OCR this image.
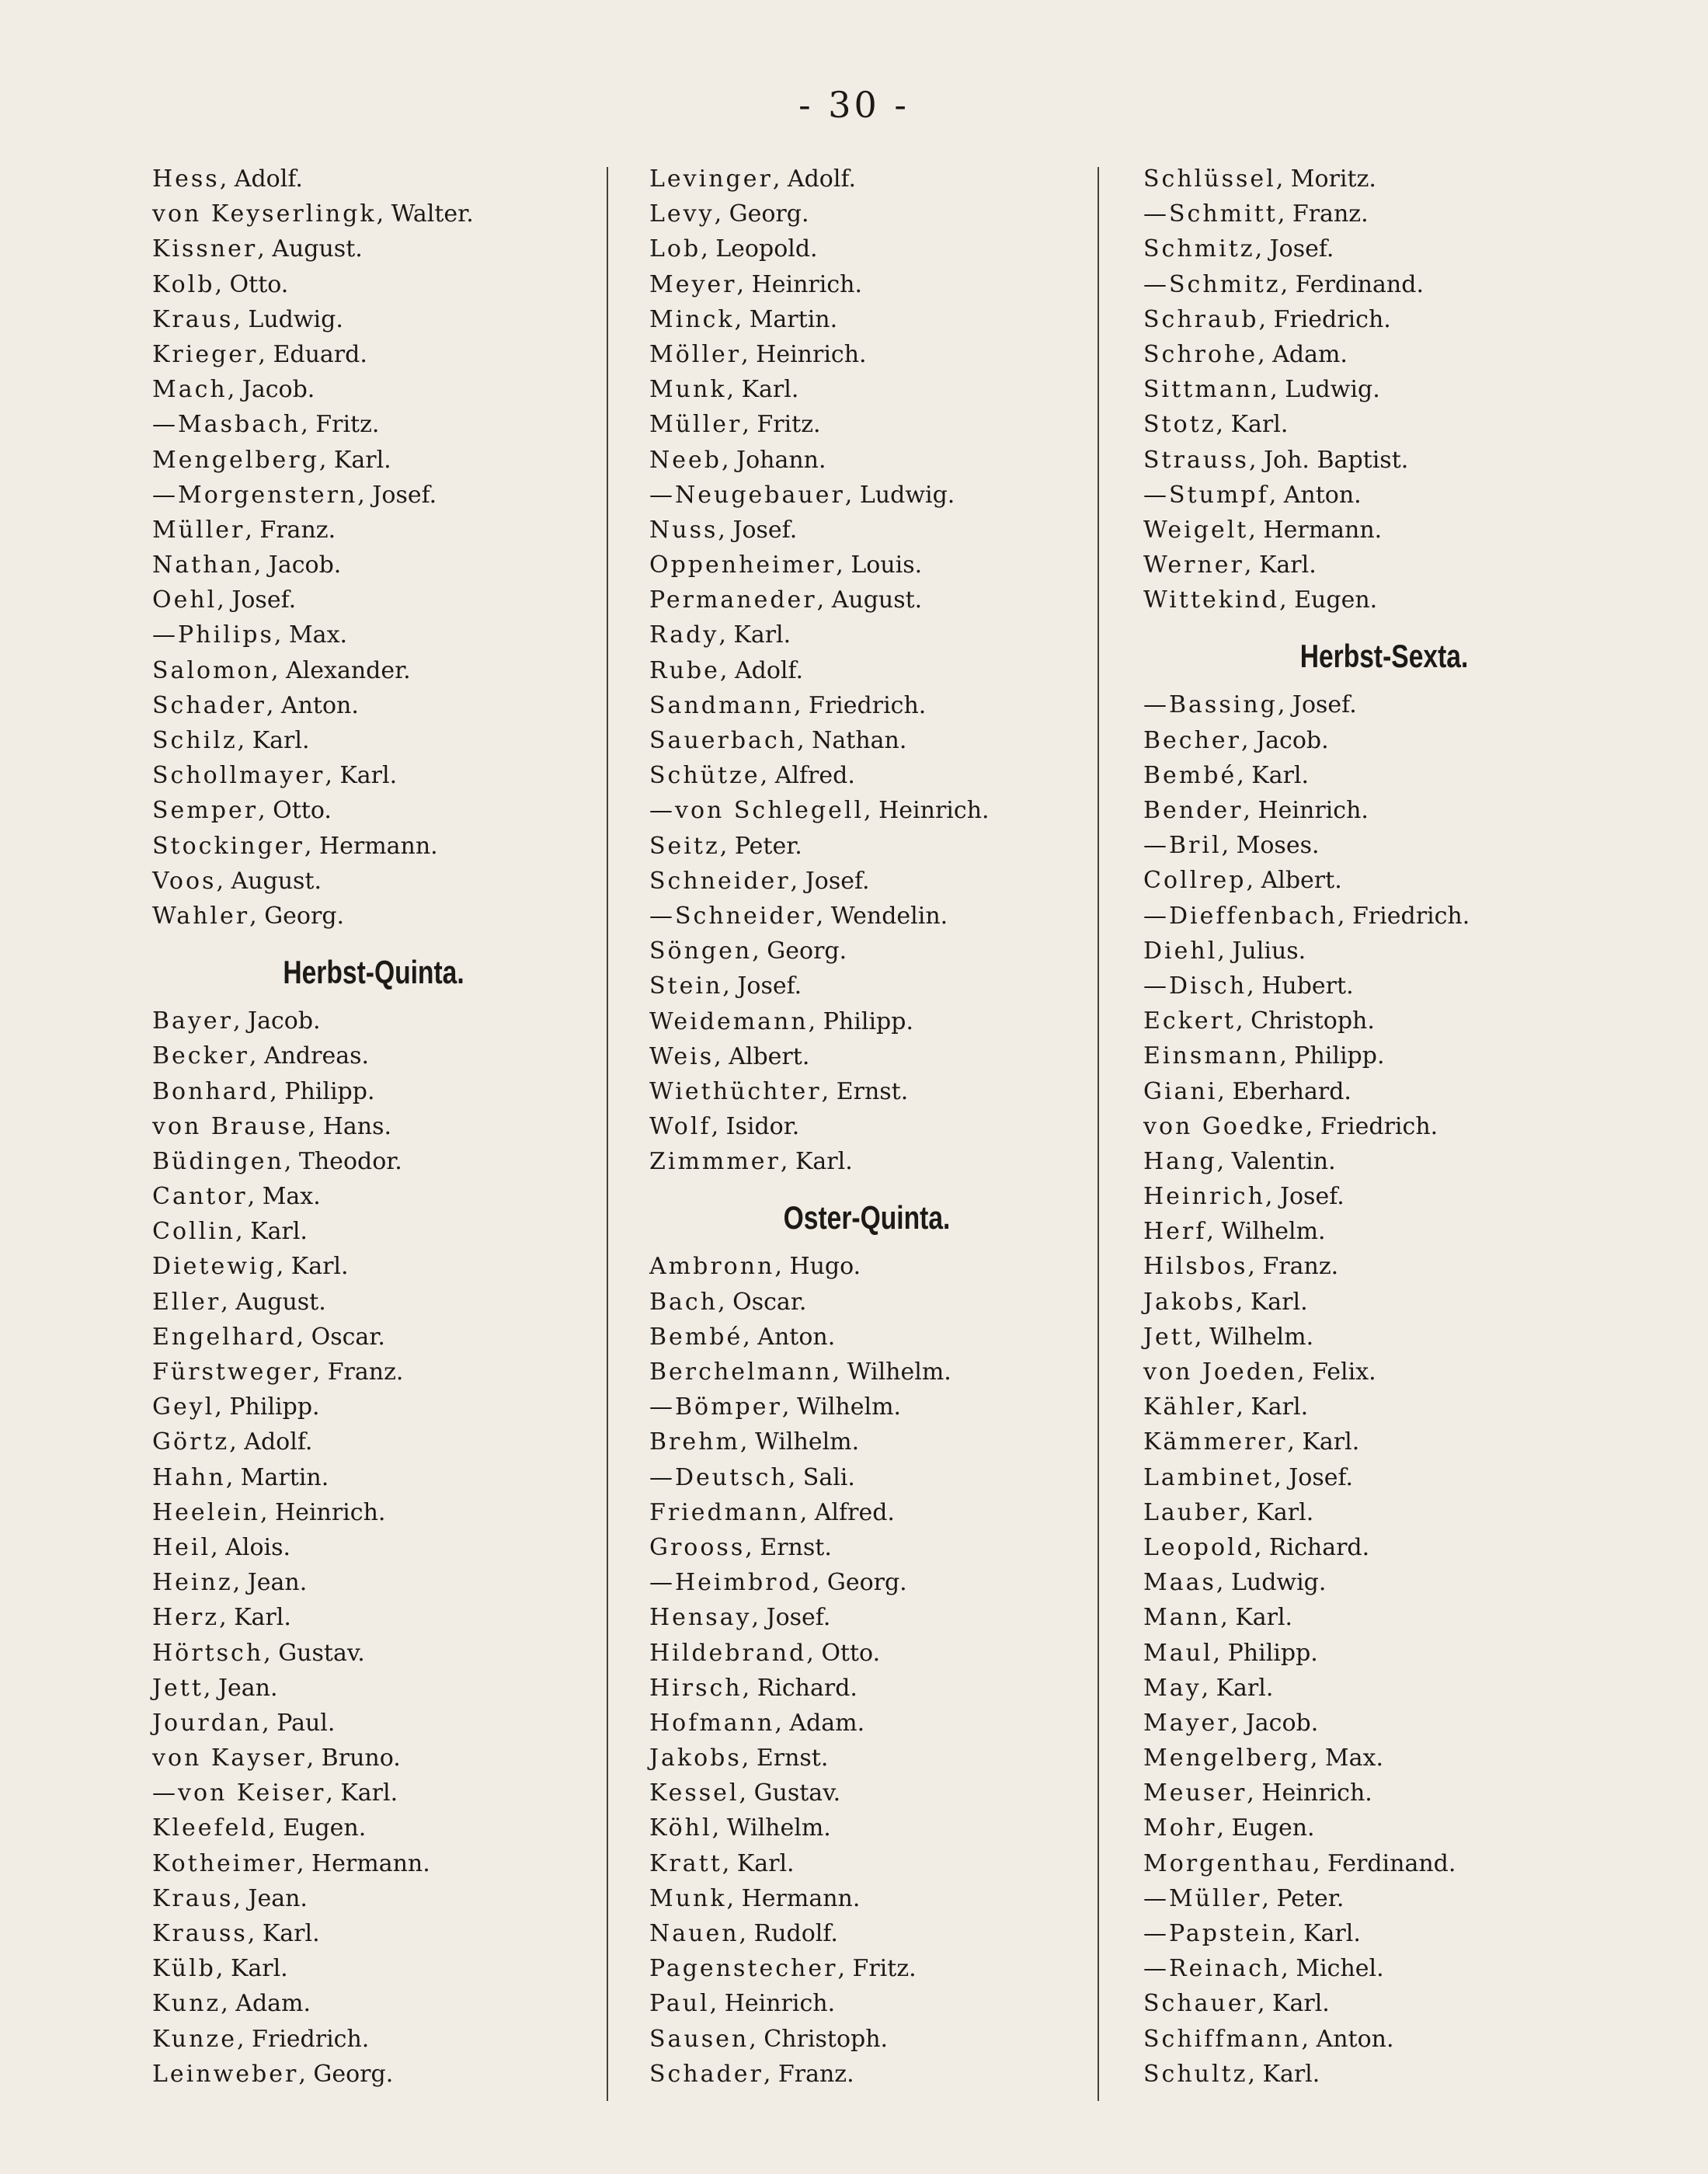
- 30 -
Hess, Adolf.
von Keyserlingk, Walter.
Kissner, August.
Kolb, Otto.
Kraus, Ludwig.
Krieger, Eduard.
Mach, Jacob.
—Masbach, Fritz.
Mengelberg, Karl.
—Morgenstern, Josef.
Müller, Franz.
Nathan, Jacob.
Oehl, Josef.
—Philips, Max.
Salomon, Alexander.
Schader, Anton.
Schilz, Karl.
Schollmayer, Karl.
Semper, Otto.
Stockinger, Hermann.
Voos, August.
Wahler, Georg.
Herbst-Quinta.
Bayer, Jacob.
Becker, Andreas.
Bonhard, Philipp.
von Brause, Hans.
Büdingen, Theodor.
Cantor, Max.
Collin, Karl.
Dietewig, Karl.
Eller, August.
Engelhard, Oscar.
Fürstweger, Franz.
Geyl, Philipp.
Görtz, Adolf.
Hahn, Martin.
Heelein, Heinrich.
Heil, Alois.
Heinz, Jean.
Herz, Karl.
Hörtsch, Gustav.
Jett, Jean.
Jourdan, Paul.
von Kayser, Bruno.
—von Keiser, Karl.
Kleefeld, Eugen.
Kotheimer, Hermann.
Kraus, Jean.
Krauss, Karl.
Külb, Karl.
Kunz, Adam.
Kunze, Friedrich.
Leinweber, Georg.
Levinger, Adolf.
Levy, Georg.
Lob, Leopold.
Meyer, Heinrich.
Minck, Martin.
Möller, Heinrich.
Munk, Karl.
Müller, Fritz.
Neeb, Johann.
—Neugebauer, Ludwig.
Nuss, Josef.
Oppenheimer, Louis.
Permaneder, August.
Rady, Karl.
Rube, Adolf.
Sandmann, Friedrich.
Sauerbach, Nathan.
Schütze, Alfred.
—von Schlegell, Heinrich.
Seitz, Peter.
Schneider, Josef.
—Schneider, Wendelin.
Söngen, Georg.
Stein, Josef.
Weidemann, Philipp.
Weis, Albert.
Wiethüchter, Ernst.
Wolf, Isidor.
Zimmmer, Karl.
Oster-Quinta.
Ambronn, Hugo.
Bach, Oscar.
Bembé, Anton.
Berchelmann, Wilhelm.
—Bömper, Wilhelm.
Brehm, Wilhelm.
—Deutsch, Sali.
Friedmann, Alfred.
Grooss, Ernst.
—Heimbrod, Georg.
Hensay, Josef.
Hildebrand, Otto.
Hirsch, Richard.
Hofmann, Adam.
Jakobs, Ernst.
Kessel, Gustav.
Köhl, Wilhelm.
Kratt, Karl.
Munk, Hermann.
Nauen, Rudolf.
Pagenstecher, Fritz.
Paul, Heinrich.
Sausen, Christoph.
Schader, Franz.
Schlüssel, Moritz.
—Schmitt, Franz.
Schmitz, Josef.
—Schmitz, Ferdinand.
Schraub, Friedrich.
Schrohe, Adam.
Sittmann, Ludwig.
Stotz, Karl.
Strauss, Joh. Baptist.
—Stumpf, Anton.
Weigelt, Hermann.
Werner, Karl.
Wittekind, Eugen.
Herbst-Sexta.
—Bassing, Josef.
Becher, Jacob.
Bembé, Karl.
Bender, Heinrich.
—Bril, Moses.
Collrep, Albert.
—Dieffenbach, Friedrich.
Diehl, Julius.
—Disch, Hubert.
Eckert, Christoph.
Einsmann, Philipp.
Giani, Eberhard.
von Goedke, Friedrich.
Hang, Valentin.
Heinrich, Josef.
Herf, Wilhelm.
Hilsbos, Franz.
Jakobs, Karl.
Jett, Wilhelm.
von Joeden, Felix.
Kähler, Karl.
Kämmerer, Karl.
Lambinet, Josef.
Lauber, Karl.
Leopold, Richard.
Maas, Ludwig.
Mann, Karl.
Maul, Philipp.
May, Karl.
Mayer, Jacob.
Mengelberg, Max.
Meuser, Heinrich.
Mohr, Eugen.
Morgenthau, Ferdinand.
—Müller, Peter.
—Papstein, Karl.
—Reinach, Michel.
Schauer, Karl.
Schiffmann, Anton.
Schultz, Karl.
